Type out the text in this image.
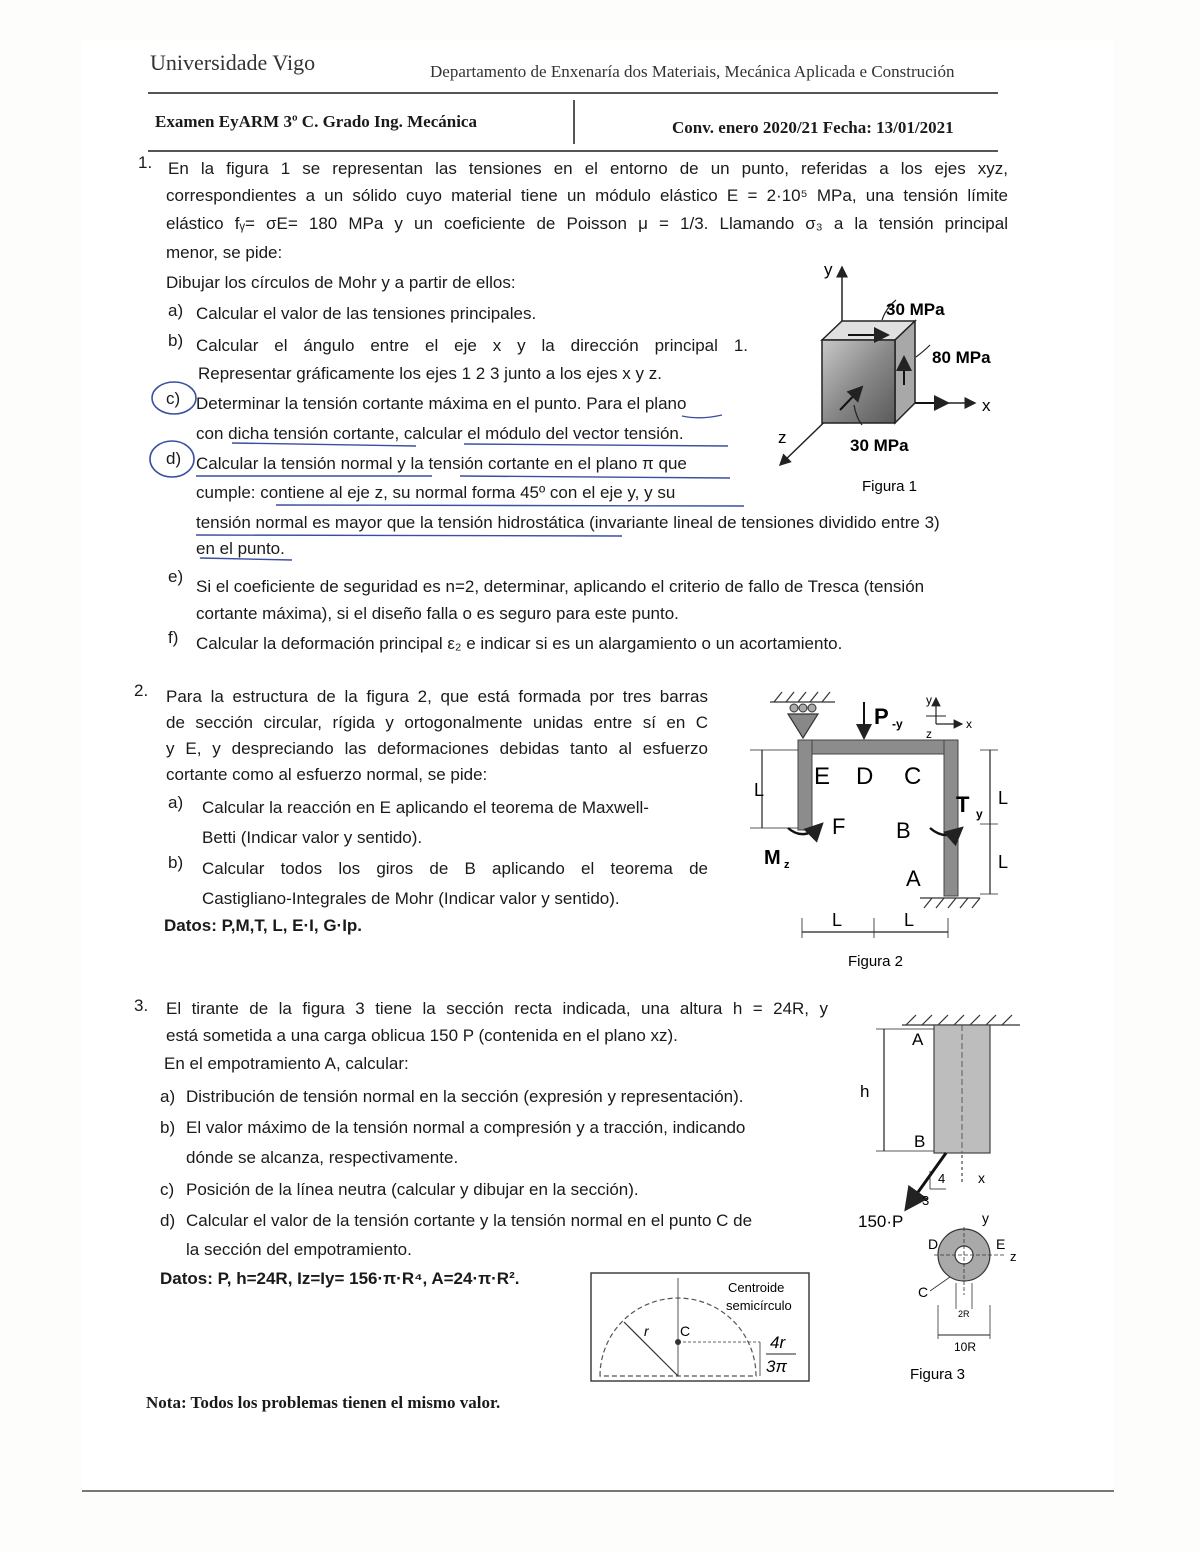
Universidade Vigo	Departamento de Enxenaría dos Materiais, Mecánica Aplicada e Construción
Examen EyARM 3º C. Grado Ing. Mecánica	Conv. enero 2020/21 Fecha: 13/01/2021
1. En la figura 1 se representan las tensiones en el entorno de un punto, referidas a los ejes xyz,
correspondientes a un sólido cuyo material tiene un módulo elástico E = 2·10⁵ MPa, una tensión límite
elástico fᵧ= σE= 180 MPa y un coeficiente de Poisson μ = 1/3. Llamando σ₃ a la tensión principal
menor, se pide:
Dibujar los círculos de Mohr y a partir de ellos:
a) Calcular el valor de las tensiones principales.
b) Calcular el ángulo entre el eje x y la dirección principal 1.
Representar gráficamente los ejes 1 2 3 junto a los ejes x y z.
c) Determinar la tensión cortante máxima en el punto. Para el plano
con dicha tensión cortante, calcular el módulo del vector tensión.
d) Calcular la tensión normal y la tensión cortante en el plano π que
cumple: contiene al eje z, su normal forma 45º con el eje y, y su
tensión normal es mayor que la tensión hidrostática (invariante lineal de tensiones dividido entre 3)
en el punto.
e)
Si el coeficiente de seguridad es n=2, determinar, aplicando el criterio de fallo de Tresca (tensión
cortante máxima), si el diseño falla o es seguro para este punto.
f) Calcular la deformación principal ε₂ e indicar si es un alargamiento o un acortamiento.
y
x
z
30 MPa
80 MPa
30 MPa
Figura 1
2. Para la estructura de la figura 2, que está formada por tres barras
de sección circular, rígida y ortogonalmente unidas entre sí en C
y E, y despreciando las deformaciones debidas tanto al esfuerzo
cortante como al esfuerzo normal, se pide:
a) Calcular la reacción en E aplicando el teorema de Maxwell-
Betti (Indicar valor y sentido).
b) Calcular todos los giros de B aplicando el teorema de
Castigliano-Integrales de Mohr (Indicar valor y sentido).
Datos: P,M,T, L, E·I, G·Ip.
P -y
y
x
z
E D C
F B
A
M z
T y
L	L
L
L	L
Figura 2
3. El tirante de la figura 3 tiene la sección recta indicada, una altura h = 24R, y
está sometida a una carga oblicua 150 P (contenida en el plano xz).
En el empotramiento A, calcular:
a) Distribución de tensión normal en la sección (expresión y representación).
b) El valor máximo de la tensión normal a compresión y a tracción, indicando
dónde se alcanza, respectivamente.
c) Posición de la línea neutra (calcular y dibujar en la sección).
d) Calcular el valor de la tensión cortante y la tensión normal en el punto C de
la sección del empotramiento.
Datos: P, h=24R, Iz=Iy= 156·π·R⁴, A=24·π·R².
r C
Centroide
semicírculo
4r
3π
A
B
h
4
3
x
150·P	y
D	E
z
C
2R
10R
Figura 3
Nota: Todos los problemas tienen el mismo valor.
